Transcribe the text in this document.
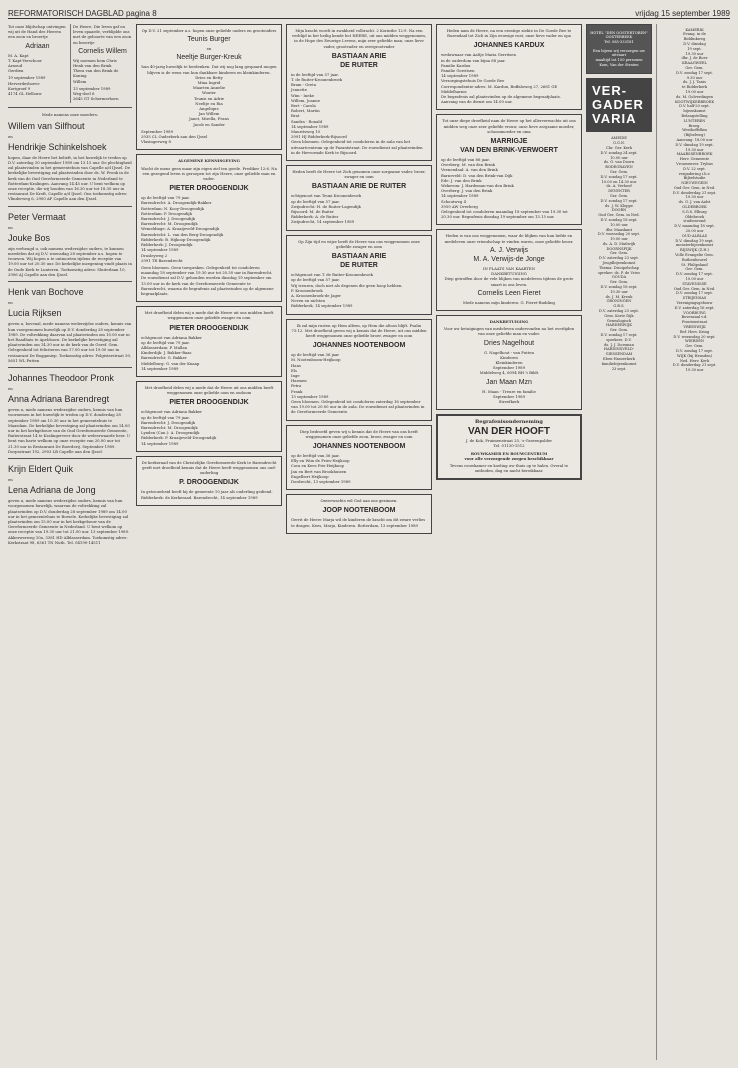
REFORMATORISCH DAGBLAD pagina 8	vrijdag 15 september 1989

Tot onze blijdschap ontvingen wij uit de Hand des Heeren een zoon en broertje

Adriaan

M. A. Kapt
T. Kapt-Verschoor
Arnoud
Gerdien

19 september 1989
Herverdeshoeve
Kortgroef 9
4174 GL Hellouw

De Heere, Die leven gaf en leven spaarde, verblijdde ons met de geboorte van een zoon en broertje

Cornelis Willem

Wij noemen hem Chris
Henk van den Brink
Thera van den Brink de Koning
Willem

13 september 1989
Weg-doel 6
2645 GT Schermerhorn

Mede namens onze moeders:

Willem van Silfhout
en
Hendrikje Schinkelshoek

hopen, daar de Heere het belieft, in het huwelijk te treden op D.V. zaterdag 30 september 1989 om 13.15 uur. De plechtigheid zal plaatsvinden in het gemeentehuis van Capelle a/d IJssel. De kerkelijke bevestiging zal plaatsvinden door ds. W. Pronk in de kerk van de Oud Gereformeerde Gemeente in Nederland te Rotterdam-Kralingen. Aanvang 14.45 uur. U bent welkom op onze receptie, die wij houden van 16.30 uur tot 18.30 uur in restaurant De Kroft, Capelle a/d IJssel. Ons toekomstig adres: Vlinderweg 6, 2900 AP Capelle aan den IJssel.

Peter Vermaat
en
Jouke Bos

zijn verheugd u, ook namens wederzijdse ouders, te kunnen meedelen dat zij D.V. woensdag 28 september a.s. hopen te trouwen. Wij hopen u te ontmoeten tijdens de receptie van 19.00 uur tot 20.30 uur. De kerkelijke inzegening vindt plaats in de Oude Kerk te Lunteren. Toekomstig adres: Sluiterlaan 10, 2906 AJ Capelle aan den IJssel.

Henk van Bochove
en
Lucia Rijksen

geven u, bovenal, mede namens wederzijdse ouders, kennis van hun voorgenomen huwelijk op D.V. donderdag 28 september 1989. De voltrekking daarvan zal plaatsvinden om 10.00 uur in het Raadhuis te Apeldoorn. De kerkelijke bevestiging zal plaatsvinden om 14.30 uur in de kerk van de Geref. Gem. Gelegenheid tot feliciteren van 17.00 uur tot 19.00 uur in restaurant De Bogganiep. Toekomstig adres: Polgisterstraat 30, 5651 WL Putten

Johannes Theodoor Pronk
en
Anna Adriana Barendregt

geven u, mede namens wederzijdse ouders, kennis van hun voornemen in het huwelijk te treden op D.V. donderdag 28 september 1989 om 10.30 uur in het gemeentehuis te Maasdam. De kerkelijke bevestiging zal plaatsvinden om 14.00 uur in het kerkgebouw van de Oud Gereformeerde Gemeente, Ruiterstraat 14 te Kralingerveer door de weleerwaarde heer. U bent van harte welkom op onze receptie van 20.00 uur tot 21.30 uur in Restaurant De Boerderij. September 1989. Dorpsstraat 192, 2903 LB Capelle aan den IJssel.

Krijn Eldert Quik
en
Lena Adriana de Jong

geven u, mede namens wederzijdse ouders, kennis van hun voorgenomen huwelijk, waarvan de voltrekking zal plaatsvinden op D.V. donderdag 28 september 1989 om 14.00 uur in het gemeentehuis te Borsele. Kerkelijke bevestiging zal plaatsvinden om 15.00 uur in het kerkgebouw van de Gereformeerde Gemeente in Nederland. U bent welkom op onze receptie van 19.30 uur tot 21.00 uur. 13 september 1989. Akkerwerweg 10a, 3381 HD Alblasserdam. Toekomstig adres: Kerkstraat 98, 6361 TN Nuth. Tel. 04190-14511

Op D.V. 21 september a.s. hopen onze geliefde ouders en grootouders

Teunis Burger
en
Neeltje Burger-Kreuk

hun 40-jarig huwelijk te herdenken. Dat wij nog lang gespaard mogen blijven is de wens van hun dankbare kinderen en kleinkinderen.
Dries en Betty
Mina Ingrid
Maarten Annelie
Wouter
Teunis en Adrie
Neeltje en Ria
Angelique
Jan Willem
Janet, Mirella, Frans
Jacob en Sander

September 1989
2935 CL Ouderkerk aan den IJssel
Vlasingerweg 8

ALGEMENE KENNISGEVING

Wacht de mens geen maar zijn eigen ziel ten goede. Prediker 12:6. Na een gezegend leven is geroepen tot zijn Heere, onze geliefde man en vader.

PIETER DROOGENDIJK

op de leeftijd van 79 jaar.
Barendrecht: A. Droogendijk-Bakker
Rotterdam: N. Kooy-Droogendijk
Rotterdam: P. Droogendijk
Barendrecht: J. Droogendijk
Barendrecht: M. Droogendijk
Wemeldinge: A. Kraaijeveld-Droogendijk
Barendrecht: L. van den Berg-Droogendijk
Ridderkerk: B. Hijkoop-Droogendijk
Ridderkerk: J. Droogendijk
14 september 1989
Drasleyweg 2
2991 TR Barendrecht

Geen bloemen. Geen toespraken. Gelegenheid tot condoleren maandag 18 september van 19.30 uur tot 20.30 uur in Barendrecht. De rouwdienst zal D.V. gehouden worden dinsdag 19 september om 13.00 uur in de kerk van de Gereformeerde Gemeente te Barendrecht, waarna de begrafenis zal plaatsvinden op de algemene begraafplaats.

Met droefheid delen wij u mede dat de Heere uit ons midden heeft weggenomen onze geliefde zwager en oom

PIETER DROOGENDIJK

echtgenoot van Adriana Bakker
op de leeftijd van 79 jaar.
Alblasserdam: P. Mallan
Kinderdijk: J. Bakker-Baas
Barendrecht: G. Bakker
Middelburg: G. van der Knaap
14 september 1989

Met droefheid delen wij u mede dat de Heere uit ons midden heeft weggenomen onze geliefde oom en oudoom

PIETER DROOGENDIJK

echtgenoot van Adriana Bakker
op de leeftijd van 79 jaar.
Barendrecht: J. Droogendijk
Barendrecht: M. Droogendijk
Lynden (Can.): A. Droogendijk
Ridderkerk: P. Kraaijeveld-Droogendijk
14 september 1989

De kerkeraad van de Christelijke Gereformeerde Kerk te Barendrecht geeft met droefheid kennis dat de Heere heeft weggenomen ons oud-ouderling

P. DROOGENDIJK

In getrouwheid heeft hij de gemeente 10 jaar als ouderling gediend. Ridderkerk: de Kerkeraad. Barendrecht, 14 september 1989

Mijn kracht wordt in zwakheid volbracht. 2 Korinthe 12:9. Na een verblijd in het heilig kende het HEERE, uit ons midden weggenomen, in de Hope des Eeuwige Levens, mijn zeer geliefde man, onze lieve vader, grootvader en overgrootvader

BASTIAAN ARIE
DE RUITER

in de leeftijd van 57 jaar.
T. de Ruiter-Kroonenbroek
Bram - Greta
Jeanette
Wim - Ineke
Willem, Joanne
Bert - Carola
Robert, Martin
Brat
Sandra - Ronald
14 september 1989
Mauritsweg 10
2991 HJ Ridderkerk-Rijsoord
Geen bloemen. Gelegenheid tot condoleren in de aula van het uitvaartcentrum op de Fazantstraat. De rouwdienst zal plaatsvinden in de Hervormde Kerk te Rijsoord.

Heden heeft de Heere tot Zich genomen onze zorgzame vader, broer, zwager en oom

BASTIAAN ARIE DE RUITER

echtgenoot van Teuni Kroonenbroek
op de leeftijd van 57 jaar.
Zwijndrecht: H. de Ruiter-Lagendijk
Rijsoord: M. de Ruiter
Ridderkerk: A. de Ruiter
Zwijndrecht, 14 september 1989

Op Zijn tijd en wijze heeft de Heere van ons weggenomen onze geliefde zwager en oom

BASTIAAN ARIE
DE RUITER

echtgenoot van T. de Ruiter-Kroonenbroek
op de leeftijd van 57 jaar.
Wij treuren, doch niet als degenen die geen hoop hebben.
P. Kroonenbroek
A. Kroonenbroek-de Jager
Neven en nichten
Ridderkerk, 14 september 1989

Ik zal mijn rusten op Hem alleen, op Hem die altoos blijft. Psalm 73:12. Met droefheid geven wij u kennis dat de Heere, uit ons midden heeft weggenomen onze geliefde broer, zwager en oom

JOHANNES NOOTENBOOM

op de leeftijd van 36 jaar
M. Nootenboom-Heijkoop
Hans
Els
Inge
Harmen
Petra
Frank
13 september 1989
Geen bloemen. Gelegenheid tot condoleren zaterdag 16 september van 19.00 tot 20.00 uur in de aula. De rouwdienst zal plaatsvinden in de Gereformeerde Gemeente.

Diep bedroefd geven wij u kennis dat de Heere van ons heeft weggenomen onze geliefde zoon, broer, zwager en oom

JOHANNES NOOTENBOOM

op de leeftijd van 36 jaar.
Elly en Wim de Fries-Heijkoop
Cora en Kees Fris-Heijkoop
Jan en Bert van Brookhuizen
Engelbert Heijkoop
Dordrecht, 13 september 1989

Onverwachts wil God aan ons gezinnen.

JOOP NOOTENBOOM

Gerrit de Heere Marja wil de kinderen de kracht om dit zware verlies te dragen. Kees, Marja, Kinderen. Rotterdam, 13 september 1989

Heden nam de Heere, na een ernstige ziekte in De Goede Ree te Rozendaal tot Zich in Zijn eeuwige rust, onze lieve vader en opa

JOHANNES KARDUX

weduwnaar van Aaltje Maria Gerritsen
in de ouderdom van bijna 88 jaar.
Familie Kardux
Familie Gerritsen
14 september 1989
Verzorgingstehuis De Goede Ree
Correspondentie-adres: M. Kardux, Buffaloweg 27, 2661 GE Middelharnis
De begrafenis zal plaatsvinden op de algemene begraafplaats. Aanvang van de dienst om 14.00 uur.

Tot onze diepe droefheid nam de Heere op het allerverwachts uit ons midden weg onze zeer geliefde vrouw, onze lieve zorgzame moeder, schoonmoeder en oma

MARRIGJE
VAN DEN BRINK-VERWOERT

op de leeftijd van 86 jaar.
Overberg: M. van den Brink
Veenendaal: A. van den Brink
Barneveld: D. van den Brink-van Dijk
Ede: J. van den Brink
Wekerom: J. Hardeman-van den Brink
Overberg: J. van den Brink
14 september 1989
Schoutweg 4
3959 AW Overberg
Gelegenheid tot condoleren maandag 18 september van 19.30 tot 20.30 uur. Begrafenis dinsdag 19 september om 13.15 uur.

Heden is van ons weggenomen, waar de blijken van hun liefde en medeleven onze vriendschap te vinden waren, onze geliefde broer.

A. J. Verwijs
M. A. Verwijs-de Jonge

IN PLAATS VAN KAARTEN
DANKBETUIGING
Diep getroffen door de vele blijken van medeleven tijdens de grote smart in ons leven.

Cornelis Leen Fieret

Mede namens mijn kinderen: G. Fieret-Budding

DANKBETUIGING

Voor uw betuigingen van medeleven ondervonden na het overlijden van onze geliefde man en vader.

Dries Nagelhout

G. Nagelhout - van Putten
Kinderen
Kleinkinderen
September 1989
Middelweg 4, 6094 BH 't Bildt

Jan Maan Mzn

H. Maan - Treure en familie
September 1989
Streefkerk

Begrafenisonderneming
VAN DER HOOFT

J. de Kok, Pruimenstraat 25, 's-Gravenpolder
Tel. 01130-1512

ROUWKAMER EN ROUWCENTRUM
voor alle verzorgende zorgen beschikbaar

Tevens rouwkamer en koeling uw thuis op te halen. Overal te ontboden, dag en nacht bereikbaar.

HOTEL "DEN OOSTERTOREN"
OOSTERBEEK
Tel. 085-333181

Een bijeen wij verzorgen uw
uitvaart
maaltijd tot 150 personen
Kom, Van der Straten

VER-
GADER
VARIA

AMEIDE
G.G.N.
Chr. Ger. Kerk
D.V. zondag 24 sept.
10.00 uur
ds. G. van Doorn
BODEGRAVEN
Ger. Gem.
D.V. zondag 17 sept.
10.00 en 14.30 uur
ds. A. Verhoef
DEVENTER
Ger. Gem.
D.V. zondag 17 sept.
ds. J. W. Kleppe
DOORN
Oud Ger. Gem. in Ned.
D.V. zondag 18 sept.
10.00 uur
dhr. Maaskant
D.V. woensdag 20 sept.
19.00 uur
ds. A. D. Muilwijk
DOORNSPIJK
Ger. Gem.
D.V. zaterdag 23 sept.
Jeugdbijeenkomst
Thema: Discipelschap
spreker: ds. P. de Vries
GOUDA
Ger. Gem.
D.V. zondag 18 sept.
19.30 uur
ds. J. M. Kreuk
GRONINGEN
G.B.S.
D.V. zaterdag 23 sept.
Gem. Korte Dijk
Genealogisch
HARDERWIJK
Ger. Gem.
D.V. zondag 17 sept.
sprekers: D.V.
ds. J. J. Dorsman
HARDINXVELD-
GIESSENDAM
Eben-Haezerkerk
familiebijeenkomst
23 sept.

KAMERIK
Evang. in de
Biddinkweg
D.V. dinsdag
19 sept.
19.30 uur
dhr. J. de Boer
KRAAGWEEL
Ger. Gem.
D.V. zondag 17 sept.
9.30 uur
ds. J. J. Tanis
te Ridderkerk
19.00 uur
ds. M. Golverdingen
KOOTWIJKERBROEK
D.V. half-20 sept.
bijeenkomst
Belangstelling
LUNTEREN
Broeg.
Westhoffelkin
(Bijbelweg)
Aanvang: 18.00 uur
D.V. dinsdag 19 sept.
19.30 uur
MAARSSENBROEK
Herv. Gemeente
Vrouwenver. Trybus
D.V. 22 sept.
vergadering i.h.v.
Bijbelstudie
NIEUWEGEIN
Oud Ger. Gem. in Ned.
D.V. donderdag 21 sept.
19.30 uur
ds. G. J. van Aalst
OLDEBROEK
S.G.S. Elburg
Oldebroek
studieavond
D.V. maandag 18 sept.
20.00 uur
OUD-ALBLAS
D.V. dinsdag 19 sept.
monsterbijeenkomst
RIJSWIJK (Z.H.)
Volle Evangelie Gem.
Ruthenheuvel
St. Philipsland
Ger. Gem.
D.V. zondag 17 sept.
10.00 uur
STAVENISSE
Oud Ger. Gem. in Ned.
D.V. zondag 17 sept.
STRIJENSAS
Verenigingsgebouw
D.V. zaterdag 16 sept.
VOORBURG
Bovenzaal v.d.
Frontenstraat
VREESWIJK
Ref. Herv. Kring
D.V. woensdag 20 sept.
WIERDEN
Ger. Gem.
D.V. zondag 17 sept.
WIJK (bij Heusden)
Ned. Herv. Kerk
D.V. donderdag 21 sept.
19.30 uur
